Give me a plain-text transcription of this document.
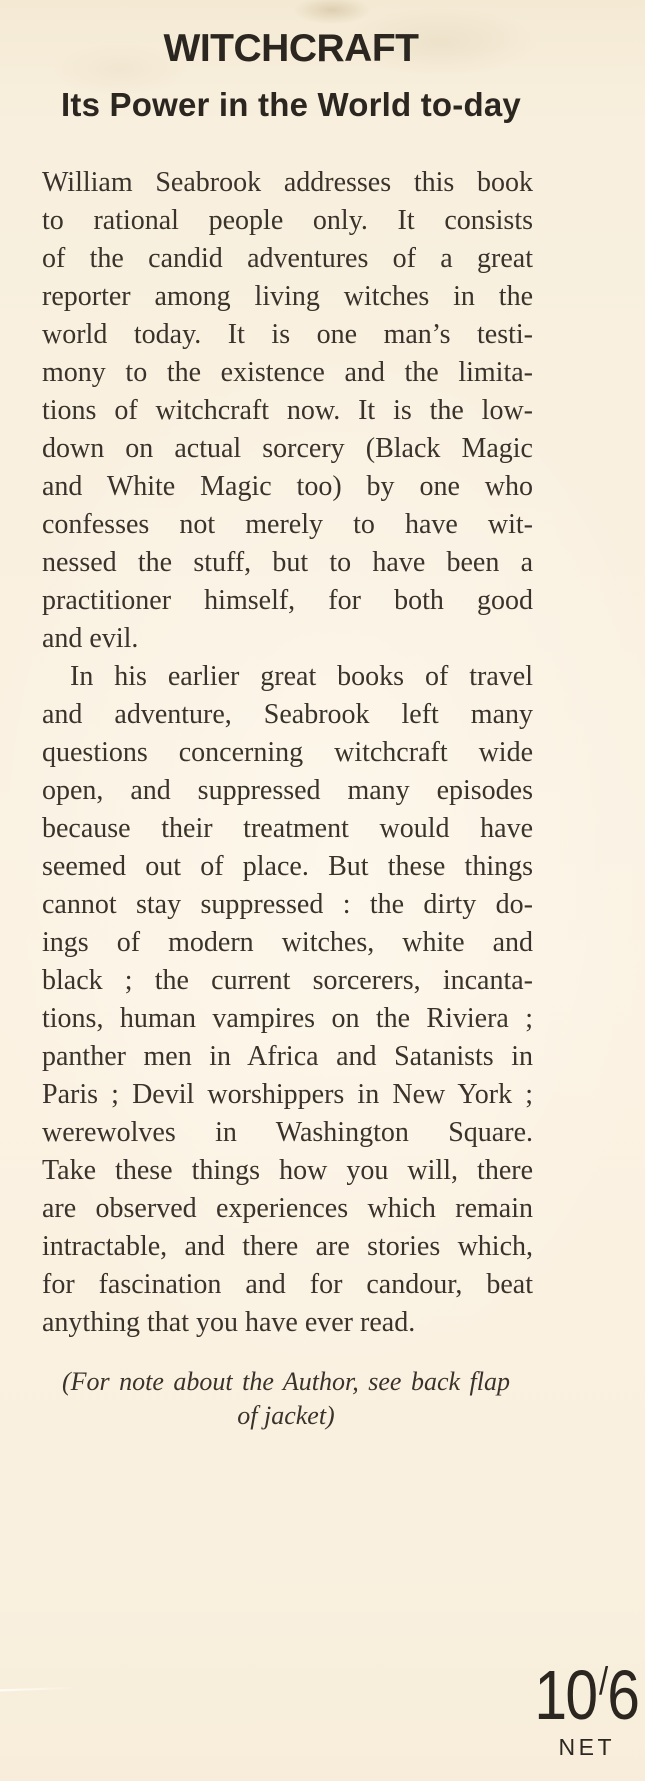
WITCHCRAFT
Its Power in the World to-day
William Seabrook addresses this book
to rational people only. It consists
of the candid adventures of a great
reporter among living witches in the
world today. It is one man’s testi-
mony to the existence and the limita-
tions of witchcraft now. It is the low-
down on actual sorcery (Black Magic
and White Magic too) by one who
confesses not merely to have wit-
nessed the stuff, but to have been a
practitioner himself, for both good
and evil.
In his earlier great books of travel
and adventure, Seabrook left many
questions concerning witchcraft wide
open, and suppressed many episodes
because their treatment would have
seemed out of place. But these things
cannot stay suppressed : the dirty do-
ings of modern witches, white and
black ; the current sorcerers, incanta-
tions, human vampires on the Riviera ;
panther men in Africa and Satanists in
Paris ; Devil worshippers in New York ;
werewolves in Washington Square.
Take these things how you will, there
are observed experiences which remain
intractable, and there are stories which,
for fascination and for candour, beat
anything that you have ever read.
(For note about the Author, see back flap
of jacket)
10/6
NET
